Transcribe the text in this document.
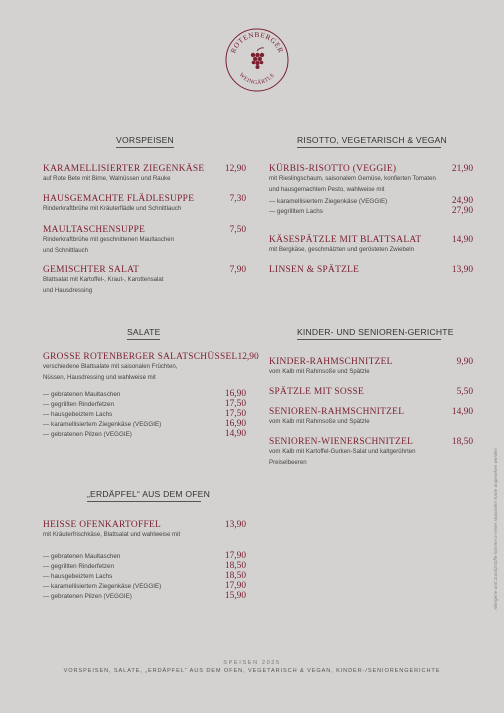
ROTENBERGER
WEINGÄRTLE
VORSPEISEN
KARAMELLISIERTER ZIEGENKÄSE 12,90
auf Rote Bete mit Birne, Walnüssen und Rauke
HAUSGEMACHTE FLÄDLESUPPE	7,30
Rinderkraftbrühe mit Kräuterflädle und Schnittlauch
MAULTASCHENSUPPE	7,50
Rinderkraftbrühe mit geschnittenen Maultaschen
und Schnittlauch
GEMISCHTER SALAT	7,90
Blattsalat mit Kartoffel-, Kraut-, Karottensalat
und Hausdressing
RISOTTO, VEGETARISCH & VEGAN
KÜRBIS-RISOTTO (VEGGIE)	21,90
mit Rieslingschaum, saisonalem Gemüse, konfierten Tomaten
und hausgemachtem Pesto, wahlweise mit
— karamellisiertem Ziegenkäse (VEGGIE)	24,90
— gegrilltem Lachs	27,90
KÄSESPÄTZLE MIT BLATTSALAT	14,90
mit Bergkäse, geschmälzten und gerösteten Zwiebeln
LINSEN & SPÄTZLE	13,90
SALATE
GROSSE ROTENBERGER SALATSCHÜSSEL 12,90
verschiedene Blattsalate mit saisonalen Früchten,
Nüssen, Hausdressing und wahlweise mit
— gebratenen Maultaschen	16,90
— gegrillten Rinderfetzen	17,50
— hausgebeiztem Lachs	17,50
— karamellisiertem Ziegenkäse (VEGGIE)	16,90
— gebratenen Pilzen (VEGGIE)	14,90
KINDER- UND SENIOREN-GERICHTE
KINDER-RAHMSCHNITZEL	9,90
vom Kalb mit Rahmsoße und Spätzle
SPÄTZLE MIT SOSSE	5,50
SENIOREN-RAHMSCHNITZEL	14,90
vom Kalb mit Rahmsoße und Spätzle
SENIOREN-WIENERSCHNITZEL	18,50
vom Kalb mit Kartoffel-Gurken-Salat und kaltgerührten
Preiselbeeren
„ERDÄPFEL“ AUS DEM OFEN
HEISSE OFENKARTOFFEL	13,90
mit Kräuterfrischkäse, Blattsalat und wahlweise mit
— gebratenen Maultaschen	17,90
— gegrillten Rinderfetzen	18,50
— hausgebeiztem Lachs	18,50
— karamellisiertem Ziegenkäse (VEGGIE)	17,90
— gebratenen Pilzen (VEGGIE)	15,90	Allergene und Zusatzstoffe können in einer separaten Karte angesehen werden.
SPEISEN 2025
VORSPEISEN, SALATE, „ERDÄPFEL“ AUS DEM OFEN, VEGETARISCH & VEGAN, KINDER-/SENIORENGERICHTE
